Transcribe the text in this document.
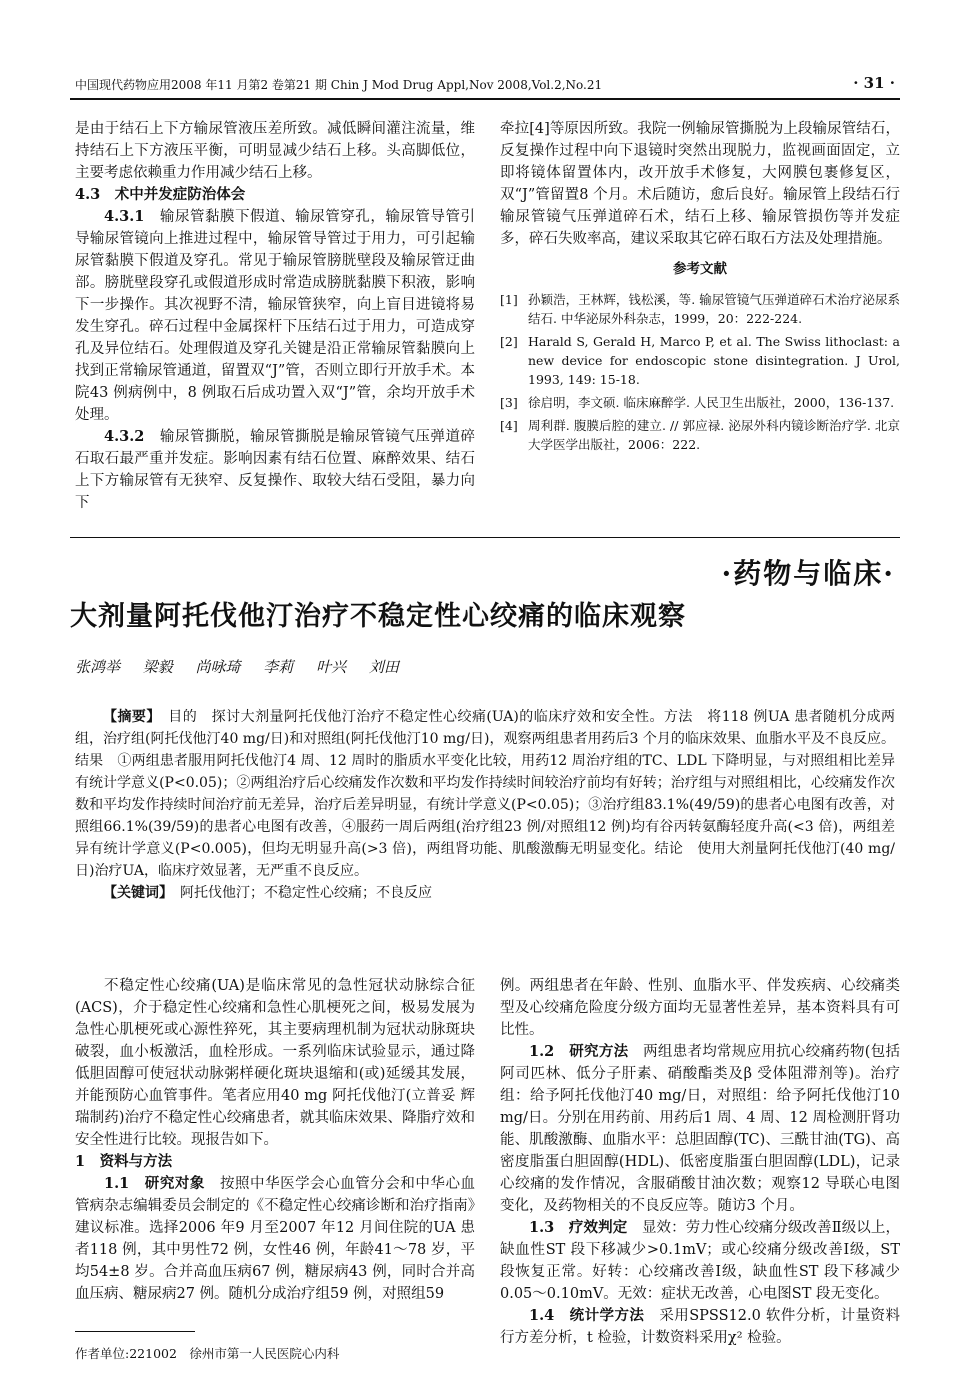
中国现代药物应用2008 年11 月第2 卷第21 期 Chin J Mod Drug Appl,Nov 2008,Vol.2,No.21	· 31 ·

是由于结石上下方输尿管液压差所致。减低瞬间灌注流量，维持结石上下方液压平衡，可明显减少结石上移。头高脚低位，主要考虑依赖重力作用减少结石上移。

4.3　术中并发症防治体会

4.3.1　输尿管黏膜下假道、输尿管穿孔，输尿管导管引导输尿管镜向上推进过程中，输尿管导管过于用力，可引起输尿管黏膜下假道及穿孔。常见于输尿管膀胱壁段及输尿管迂曲部。膀胱壁段穿孔或假道形成时常造成膀胱黏膜下积液，影响下一步操作。其次视野不清，输尿管狭窄，向上盲目进镜将易发生穿孔。碎石过程中金属探杆下压结石过于用力，可造成穿孔及异位结石。处理假道及穿孔关键是沿正常输尿管黏膜向上找到正常输尿管通道，留置双“J”管，否则立即行开放手术。本院43 例病例中，8 例取石后成功置入双“J”管，余均开放手术处理。

4.3.2　输尿管撕脱，输尿管撕脱是输尿管镜气压弹道碎石取石最严重并发症。影响因素有结石位置、麻醉效果、结石上下方输尿管有无狭窄、反复操作、取较大结石受阻，暴力向下

牵拉[4]等原因所致。我院一例输尿管撕脱为上段输尿管结石，反复操作过程中向下退镜时突然出现脱力，监视画面固定，立即将镜体留置体内，改开放手术修复，大网膜包裹修复区，双“J”管留置8 个月。术后随访，愈后良好。输尿管上段结石行输尿管镜气压弹道碎石术，结石上移、输尿管损伤等并发症多，碎石失败率高，建议采取其它碎石取石方法及处理措施。

参考文献
[1] 孙颖浩，王林辉，钱松溪，等. 输尿管镜气压弹道碎石术治疗泌尿系结石. 中华泌尿外科杂志，1999，20：222-224.
[2] Harald S, Gerald H, Marco P, et al. The Swiss lithoclast: a new device for endoscopic stone disintegration. J Urol, 1993, 149: 15-18.
[3] 徐启明，李文硕. 临床麻醉学. 人民卫生出版社，2000，136-137.
[4] 周利群. 腹膜后腔的建立. // 郭应禄. 泌尿外科内镜诊断治疗学. 北京大学医学出版社，2006：222.
·药物与临床·
大剂量阿托伐他汀治疗不稳定性心绞痛的临床观察
张鸿举 梁毅 尚咏琦 李莉 叶兴 刘田

【摘要】　目的　探讨大剂量阿托伐他汀治疗不稳定性心绞痛(UA)的临床疗效和安全性。方法　将118 例UA 患者随机分成两组，治疗组(阿托伐他汀40 mg/日)和对照组(阿托伐他汀10 mg/日)，观察两组患者用药后3 个月的临床效果、血脂水平及不良反应。结果　①两组患者服用阿托伐他汀4 周、12 周时的脂质水平变化比较，用药12 周治疗组的TC、LDL 下降明显，与对照组相比差异有统计学意义(P<0.05)；②两组治疗后心绞痛发作次数和平均发作持续时间较治疗前均有好转；治疗组与对照组相比，心绞痛发作次数和平均发作持续时间治疗前无差异，治疗后差异明显，有统计学意义(P<0.05)；③治疗组83.1%(49/59)的患者心电图有改善，对照组66.1%(39/59)的患者心电图有改善，④服药一周后两组(治疗组23 例/对照组12 例)均有谷丙转氨酶轻度升高(<3 倍)，两组差异有统计学意义(P<0.005)，但均无明显升高(>3 倍)，两组肾功能、肌酸激酶无明显变化。结论　使用大剂量阿托伐他汀(40 mg/日)治疗UA，临床疗效显著，无严重不良反应。

【关键词】　阿托伐他汀；不稳定性心绞痛；不良反应

不稳定性心绞痛(UA)是临床常见的急性冠状动脉综合征(ACS)，介于稳定性心绞痛和急性心肌梗死之间，极易发展为急性心肌梗死或心源性猝死，其主要病理机制为冠状动脉斑块破裂，血小板激活，血栓形成。一系列临床试验显示，通过降低胆固醇可使冠状动脉粥样硬化斑块退缩和(或)延缓其发展，并能预防心血管事件。笔者应用40 mg 阿托伐他汀(立普妥 辉瑞制药)治疗不稳定性心绞痛患者，就其临床效果、降脂疗效和安全性进行比较。现报告如下。

1　资料与方法

1.1　研究对象　按照中华医学会心血管分会和中华心血管病杂志编辑委员会制定的《不稳定性心绞痛诊断和治疗指南》建议标准。选择2006 年9 月至2007 年12 月间住院的UA 患者118 例，其中男性72 例，女性46 例，年龄41～78 岁，平均54±8 岁。合并高血压病67 例，糖尿病43 例，同时合并高血压病、糖尿病27 例。随机分成治疗组59 例，对照组59

作者单位:221002　徐州市第一人民医院心内科

例。两组患者在年龄、性别、血脂水平、伴发疾病、心绞痛类型及心绞痛危险度分级方面均无显著性差异，基本资料具有可比性。

1.2　研究方法　两组患者均常规应用抗心绞痛药物(包括阿司匹林、低分子肝素、硝酸酯类及β 受体阻滞剂等)。治疗组：给予阿托伐他汀40 mg/日，对照组：给予阿托伐他汀10 mg/日。分别在用药前、用药后1 周、4 周、12 周检测肝肾功能、肌酸激酶、血脂水平：总胆固醇(TC)、三酰甘油(TG)、高密度脂蛋白胆固醇(HDL)、低密度脂蛋白胆固醇(LDL)，记录心绞痛的发作情况，含服硝酸甘油次数；观察12 导联心电图变化，及药物相关的不良反应等。随访3 个月。

1.3　疗效判定　显效：劳力性心绞痛分级改善Ⅱ级以上，缺血性ST 段下移减少>0.1mV；或心绞痛分级改善Ⅰ级，ST 段恢复正常。好转：心绞痛改善Ⅰ级，缺血性ST 段下移减少0.05～0.10mV。无效：症状无改善，心电图ST 段无变化。

1.4　统计学方法　采用SPSS12.0 软件分析，计量资料行方差分析，t 检验，计数资料采用χ² 检验。
